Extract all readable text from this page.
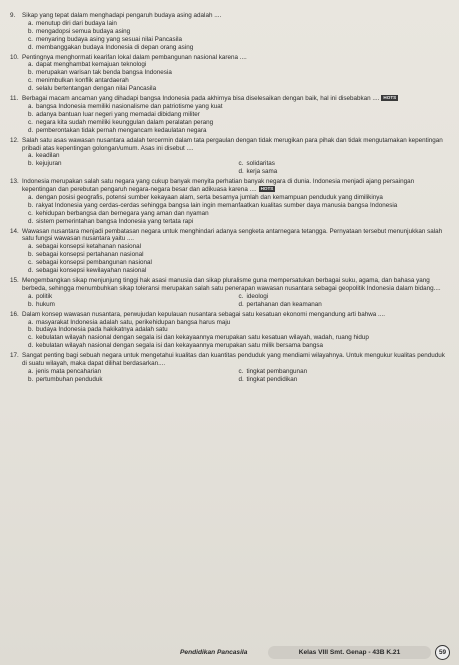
9.	Sikap yang tepat dalam menghadapi pengaruh budaya asing adalah ....
a. menutup diri dari budaya lain
b. mengadopsi semua budaya asing
c. menyaring budaya asing yang sesuai nilai Pancasila
d. membanggakan budaya Indonesia di depan orang asing
10. Pentingnya menghormati kearifan lokal dalam pembangunan nasional karena ....
a. dapat menghambat kemajuan teknologi
b. merupakan warisan tak benda bangsa Indonesia
c. menimbulkan konflik antardaerah
d. selalu bertentangan dengan nilai Pancasila
11. Berbagai macam ancaman yang dihadapi bangsa Indonesia pada akhirnya bisa diselesaikan dengan baik, hal ini disebabkan .... HOTS
a. bangsa Indonesia memiliki nasionalisme dan patriotisme yang kuat
b. adanya bantuan luar negeri yang memadai dibidang militer
c. negara kita sudah memiliki keunggulan dalam peralatan perang
d. pemberontakan tidak pernah mengancam kedaulatan negara
12. Salah satu asas wawasan nusantara adalah tercermin dalam tata pergaulan dengan tidak merugikan para pihak dan tidak mengutamakan kepentingan pribadi atas kepentingan golongan/umum. Asas ini disebut ....
a. keadilan
b. kejujuran	c. solidaritas
d. kerja sama
13. Indonesia merupakan salah satu negara yang cukup banyak menyita perhatian banyak negara di dunia. Indonesia menjadi ajang persaingan kepentingan dan perebutan pengaruh negara-negara besar dan adikuasa karena .... HOTS
a. dengan posisi geografis, potensi sumber kekayaan alam, serta besarnya jumlah dan kemampuan penduduk yang dimilikinya
b. rakyat Indonesia yang cerdas-cerdas sehingga bangsa lain ingin memanfaatkan kualitas sumber daya manusia bangsa Indonesia
c. kehidupan berbangsa dan bernegara yang aman dan nyaman
d. sistem pemerintahan bangsa Indonesia yang tertata rapi
14. Wawasan nusantara menjadi pembatasan negara untuk menghindari adanya sengketa antarnegara tetangga. Pernyataan tersebut menunjukkan salah satu fungsi wawasan nusantara yaitu ....
a. sebagai konsepsi ketahanan nasional
b. sebagai konsepsi pertahanan nasional
c. sebagai konsepsi pembangunan nasional
d. sebagai konsepsi kewilayahan nasional
15. Mengembangkan sikap menjunjung tinggi hak asasi manusia dan sikap pluralisme guna mempersatukan berbagai suku, agama, dan bahasa yang berbeda, sehingga menumbuhkan sikap toleransi merupakan salah satu penerapan wawasan nusantara sebagai geopolitik Indonesia dalam bidang....
a. politik	c. ideologi
b. hukum	d. pertahanan dan keamanan
16. Dalam konsep wawasan nusantara, perwujudan kepulauan nusantara sebagai satu kesatuan ekonomi mengandung arti bahwa ....
a. masyarakat Indonesia adalah satu, perikehidupan bangsa harus maju
b. budaya Indonesia pada hakikatnya adalah satu
c. kebulatan wilayah nasional dengan segala isi dan kekayaannya merupakan satu kesatuan wilayah, wadah, ruang hidup
d. kebulatan wilayah nasional dengan segala isi dan kekayaannya merupakan satu milik bersama bangsa
17. Sangat penting bagi sebuah negara untuk mengetahui kualitas dan kuantitas penduduk yang mendiami wilayahnya. Untuk mengukur kualitas penduduk di suatu wilayah, maka dapat dilihat berdasarkan....
a. jenis mata pencaharian	c. tingkat pembangunan
b. pertumbuhan penduduk	d. tingkat pendidikan
Pendidikan Pancasila	Kelas VIII Smt. Genap - 43B K.21	59
